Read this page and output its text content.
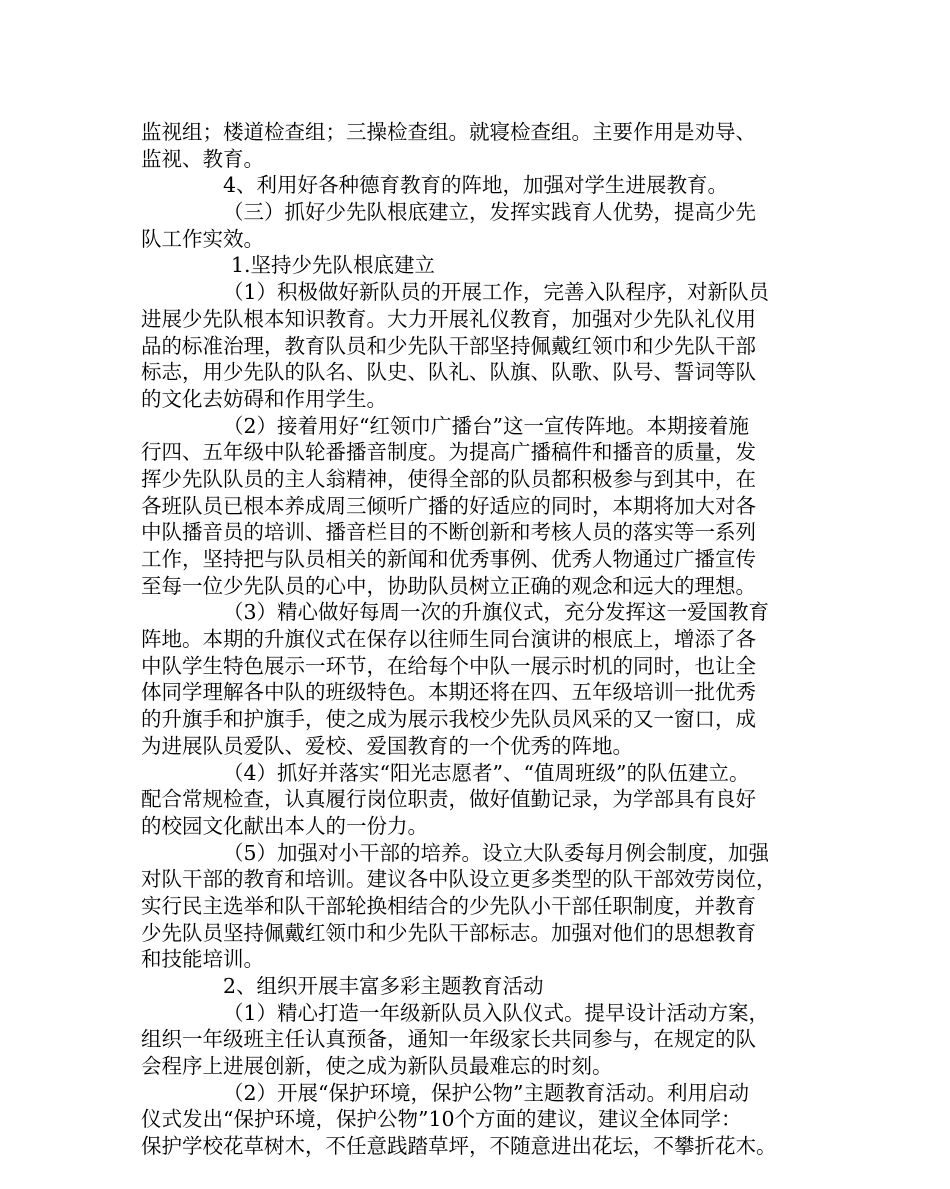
监视组；楼道检查组；三操检查组。就寝检查组。主要作用是劝导、
监视、教育。
4、利用好各种德育教育的阵地，加强对学生进展教育。
（三）抓好少先队根底建立，发挥实践育人优势，提高少先
队工作实效。
1.坚持少先队根底建立
（1）积极做好新队员的开展工作，完善入队程序，对新队员
进展少先队根本知识教育。大力开展礼仪教育，加强对少先队礼仪用
品的标准治理，教育队员和少先队干部坚持佩戴红领巾和少先队干部
标志，用少先队的队名、队史、队礼、队旗、队歌、队号、誓词等队
的文化去妨碍和作用学生。
（2）接着用好“红领巾广播台”这一宣传阵地。本期接着施
行四、五年级中队轮番播音制度。为提高广播稿件和播音的质量，发
挥少先队队员的主人翁精神，使得全部的队员都积极参与到其中，在
各班队员已根本养成周三倾听广播的好适应的同时，本期将加大对各
中队播音员的培训、播音栏目的不断创新和考核人员的落实等一系列
工作，坚持把与队员相关的新闻和优秀事例、优秀人物通过广播宣传
至每一位少先队员的心中，协助队员树立正确的观念和远大的理想。
（3）精心做好每周一次的升旗仪式，充分发挥这一爱国教育
阵地。本期的升旗仪式在保存以往师生同台演讲的根底上，增添了各
中队学生特色展示一环节，在给每个中队一展示时机的同时，也让全
体同学理解各中队的班级特色。本期还将在四、五年级培训一批优秀
的升旗手和护旗手，使之成为展示我校少先队员风采的又一窗口，成
为进展队员爱队、爱校、爱国教育的一个优秀的阵地。
（4）抓好并落实“阳光志愿者”、“值周班级”的队伍建立。
配合常规检查，认真履行岗位职责，做好值勤记录，为学部具有良好
的校园文化献出本人的一份力。
（5）加强对小干部的培养。设立大队委每月例会制度，加强
对队干部的教育和培训。建议各中队设立更多类型的队干部效劳岗位，
实行民主选举和队干部轮换相结合的少先队小干部任职制度，并教育
少先队员坚持佩戴红领巾和少先队干部标志。加强对他们的思想教育
和技能培训。
2、组织开展丰富多彩主题教育活动
（1）精心打造一年级新队员入队仪式。提早设计活动方案，
组织一年级班主任认真预备，通知一年级家长共同参与，在规定的队
会程序上进展创新，使之成为新队员最难忘的时刻。
（2）开展“保护环境，保护公物”主题教育活动。利用启动
仪式发出“保护环境，保护公物”10个方面的建议，建议全体同学：
保护学校花草树木，不任意践踏草坪，不随意进出花坛，不攀折花木。
